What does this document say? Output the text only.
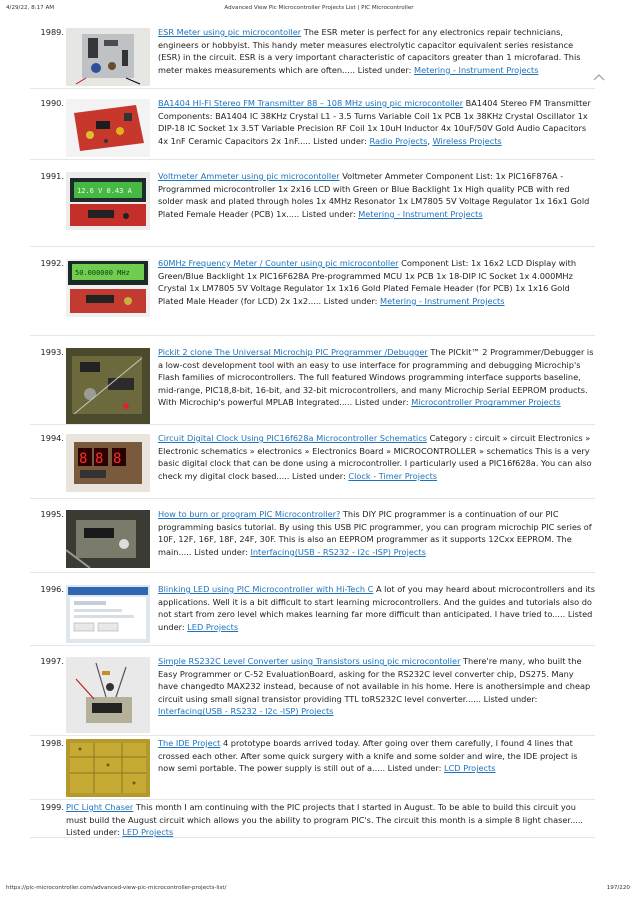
4/29/22, 8:17 AM	Advanced View Pic Microcontroller Projects List | PIC Microcontroller
1989.	ESR Meter using pic microcontoller The ESR meter is perfect for any electronics repair technicians, engineers or hobbyist. This handy meter measures electrolytic capacitor equivalent series resistance (ESR) in the circuit. ESR is a very important characteristic of capacitors greater than 1 microfarad. This meter makes measurements which are often..... Listed under: Metering - Instrument Projects
1990.	BA1404 HI-FI Stereo FM Transmitter 88 – 108 MHz using pic microcontoller BA1404 Stereo FM Transmitter Components: BA1404 IC 38KHz Crystal L1 - 3.5 Turns Variable Coil 1x PCB 1x 38KHz Crystal Oscillator 1x DIP-18 IC Socket 1x 3.5T Variable Precision RF Coil 1x 10uH Inductor 4x 10uF/50V Gold Audio Capacitors 4x 1nF Ceramic Capacitors 2x 1nF..... Listed under: Radio Projects, Wireless Projects
1991.
12.6 V 0.43 A
Voltmeter Ammeter using pic microcontoller Voltmeter Ammeter Component List: 1x PIC16F876A - Programmed microcontroller 1x 2x16 LCD with Green or Blue Backlight 1x High quality PCB with red solder mask and plated through holes 1x 4MHz Resonator 1x LM7805 5V Voltage Regulator 1x 16x1 Gold Plated Female Header (PCB) 1x..... Listed under: Metering - Instrument Projects
1992.
50.000000 MHz
60MHz Frequency Meter / Counter using pic microcontoller Component List: 1x 16x2 LCD Display with Green/Blue Backlight 1x PIC16F628A Pre-programmed MCU 1x PCB 1x 18-DIP IC Socket 1x 4.000MHz Crystal 1x LM7805 5V Voltage Regulator 1x 1x16 Gold Plated Female Header (for PCB) 1x 1x16 Gold Plated Male Header (for LCD) 2x 1x2..... Listed under: Metering - Instrument Projects
1993.	Pickit 2 clone The Universal Microchip PIC Programmer /Debugger The PICkit™ 2 Programmer/Debugger is a low-cost development tool with an easy to use interface for programming and debugging Microchip's Flash families of microcontrollers. The full featured Windows programming interface supports baseline, mid-range, PIC18,8-bit, 16-bit, and 32-bit microcontrollers, and many Microchip Serial EEPROM products. With Microchip's powerful MPLAB Integrated..... Listed under: Microcontroller Programmer Projects
1994.
8 8 8
Circuit Digital Clock Using PIC16f628a Microcontroller Schematics Category : circuit » circuit Electronics » Electronic schematics » electronics » Electronics Board » MICROCONTROLLER » schematics This is a very basic digital clock that can be done using a microcontroller. I particularly used a PIC16f628a. You can also check my digital clock based..... Listed under: Clock - Timer Projects
1995.	How to burn or program PIC Microcontroller? This DIY PIC programmer is a continuation of our PIC programming basics tutorial. By using this USB PIC programmer, you can program microchip PIC series of 10F, 12F, 16F, 18F, 24F, 30F. This is also an EEPROM programmer as it supports 12Cxx EEPROM. The main..... Listed under: Interfacing(USB - RS232 - I2c -ISP) Projects
1996.	Blinking LED using PIC Microcontroller with Hi-Tech C A lot of you may heard about microcontrollers and its applications. Well it is a bit difficult to start learning microcontrollers. And the guides and tutorials also do not start from zero level which makes learning far more difficult than anticipated. I have tried to..... Listed under: LED Projects
1997.	Simple RS232C Level Converter using Transistors using pic microcontoller There're many, who built the Easy Programmer or C-52 EvaluationBoard, asking for the RS232C level converter chip, DS275. Many have changedto MAX232 instead, because of not available in his home. Here is anothersimple and cheap circuit using small signal transistor providing TTL toRS232C level converter...... Listed under: Interfacing(USB - RS232 - I2c -ISP) Projects
1998.	The IDE Project 4 prototype boards arrived today. After going over them carefully, I found 4 lines that crossed each other. After some quick surgery with a knife and some solder and wire, the IDE project is now semi portable. The power supply is still out of a..... Listed under: LCD Projects
1999. PIC Light Chaser This month I am continuing with the PIC projects that I started in August. To be able to build this circuit you must build the August circuit which allows you the ability to program PIC's. The circuit this month is a simple 8 light chaser..... Listed under: LED Projects
https://pic-microcontroller.com/advanced-view-pic-microcontroller-projects-list/	197/220
